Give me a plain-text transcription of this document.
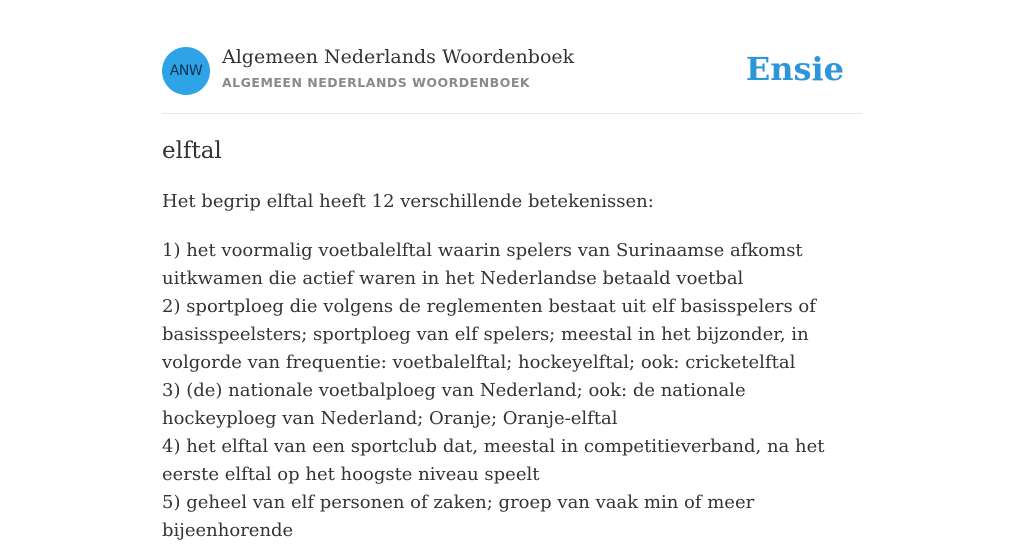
ANW
Algemeen Nederlands Woordenboek
ALGEMEEN NEDERLANDS WOORDENBOEK	Ensie
elftal

Het begrip elftal heeft 12 verschillende betekenissen:

1) het voormalig voetbalelftal waarin spelers van Surinaamse afkomst uitkwamen die actief waren in het Nederlandse betaald voetbal
2) sportploeg die volgens de reglementen bestaat uit elf basisspelers of basisspeelsters; sportploeg van elf spelers; meestal in het bijzonder, in volgorde van frequentie: voetbalelftal; hockeyelftal; ook: cricketelftal
3) (de) nationale voetbalploeg van Nederland; ook: de nationale hockeyploeg van Nederland; Oranje; Oranje-elftal
4) het elftal van een sportclub dat, meestal in competitieverband, na het eerste elftal op het hoogste niveau speelt
5) geheel van elf personen of zaken; groep van vaak min of meer bijeenhorende
